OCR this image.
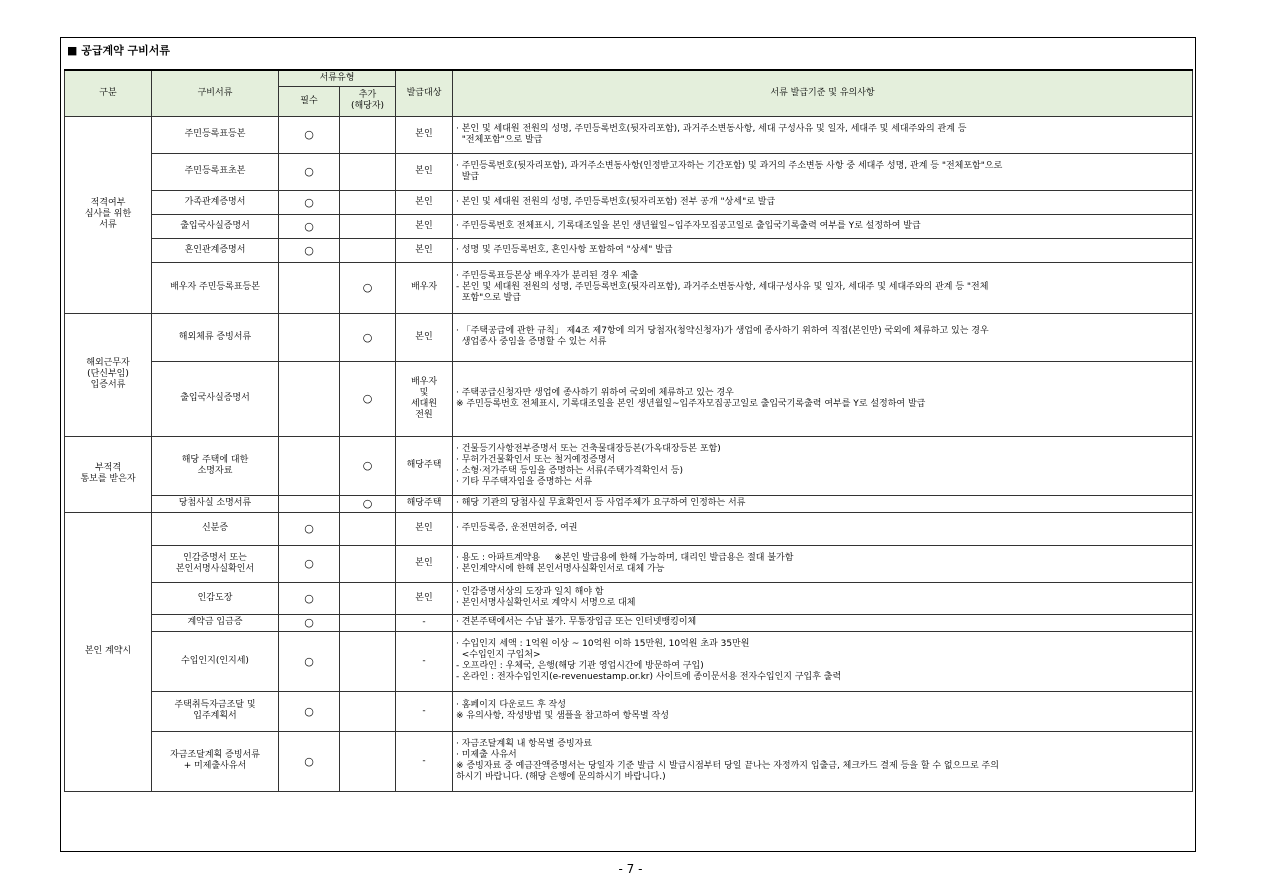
■ 공급계약 구비서류
구분	구비서류	서류유형		발급대상	서류 발급기준 및 유의사항
		필수	추가
(해당자)		
적격여부
심사를 위한
서류	주민등록표등본	○		본인	· 본인 및 세대원 전원의 성명, 주민등록번호(뒷자리포함), 과거주소변동사항, 세대 구성사유 및 일자, 세대주 및 세대주와의 관계 등
"전체포함"으로 발급

	주민등록표초본	○		본인	· 주민등록번호(뒷자리포함), 과거주소변동사항(인정받고자하는 기간포함) 및 과거의 주소변동 사항 중 세대주 성명, 관계 등 "전체포함"으로
발급

	가족관계증명서	○		본인	· 본인 및 세대원 전원의 성명, 주민등록번호(뒷자리포함) 전부 공개 "상세"로 발급

	출입국사실증명서	○		본인	· 주민등록번호 전체표시, 기록대조일을 본인 생년월일~입주자모집공고일로 출입국기록출력 여부를 Y로 설정하여 발급

	혼인관계증명서	○		본인	· 성명 및 주민등록번호, 혼인사항 포함하여 "상세" 발급

	배우자 주민등록표등본		○	배우자	· 주민등록표등본상 배우자가 분리된 경우 제출
- 본인 및 세대원 전원의 성명, 주민등록번호(뒷자리포함), 과거주소변동사항, 세대구성사유 및 일자, 세대주 및 세대주와의 관계 등 "전체
포함"으로 발급

해외근무자
(단신부임)
입증서류	해외체류 증빙서류		○	본인	· 「주택공급에 관한 규칙」 제4조 제7항에 의거 당첨자(청약신청자)가 생업에 종사하기 위하여 직접(본인만) 국외에 체류하고 있는 경우
생업종사 중임을 증명할 수 있는 서류

	출입국사실증명서		○	배우자
및
세대원
전원	· 주택공급신청자만 생업에 종사하기 위하여 국외에 체류하고 있는 경우
※ 주민등록번호 전체표시, 기록대조일을 본인 생년월일~입주자모집공고일로 출입국기록출력 여부를 Y로 설정하여 발급

부적격
통보를 받은자	해당 주택에 대한
소명자료		○	해당주택	· 건물등기사항전부증명서 또는 건축물대장등본(가옥대장등본 포함)
· 무허가건물확인서 또는 철거예정증명서
· 소형·저가주택 등임을 증명하는 서류(주택가격확인서 등)
· 기타 무주택자임을 증명하는 서류

	당첨사실 소명서류		○	해당주택	· 해당 기관의 당첨사실 무효확인서 등 사업주체가 요구하여 인정하는 서류

본인 계약시	신분증	○		본인	· 주민등록증, 운전면허증, 여권

	인감증명서 또는
본인서명사실확인서	○		본인	· 용도 : 아파트계약용     ※본인 발급용에 한해 가능하며, 대리인 발급용은 절대 불가함
· 본인계약시에 한해 본인서명사실확인서로 대체 가능

	인감도장	○		본인	· 인감증명서상의 도장과 일치 해야 함
· 본인서명사실확인서로 계약시 서명으로 대체

	계약금 입금증	○		-	· 견본주택에서는 수납 불가. 무통장입금 또는 인터넷뱅킹이체

	수입인지(인지세)	○		-	· 수입인지 세액 : 1억원 이상 ~ 10억원 이하 15만원, 10억원 초과 35만원
<수입인지 구입처>
- 오프라인 : 우체국, 은행(해당 기관 영업시간에 방문하여 구입)
- 온라인 : 전자수입인지(e-revenuestamp.or.kr) 사이트에 종이문서용 전자수입인지 구입후 출력

	주택취득자금조달 및
입주계획서	○		-	· 홈페이지 다운로드 후 작성
※ 유의사항, 작성방법 및 샘플을 참고하여 항목별 작성

	자금조달계획 증빙서류
+ 미제출사유서	○		-	· 자금조달계획 내 항목별 증빙자료
· 미제출 사유서
※ 증빙자료 중 예금잔액증명서는 당일자 기준 발급 시 발급시점부터 당일 끝나는 자정까지 입출금, 체크카드 결제 등을 할 수 없으므로 주의
하시기 바랍니다. (해당 은행에 문의하시기 바랍니다.)
- 7 -
